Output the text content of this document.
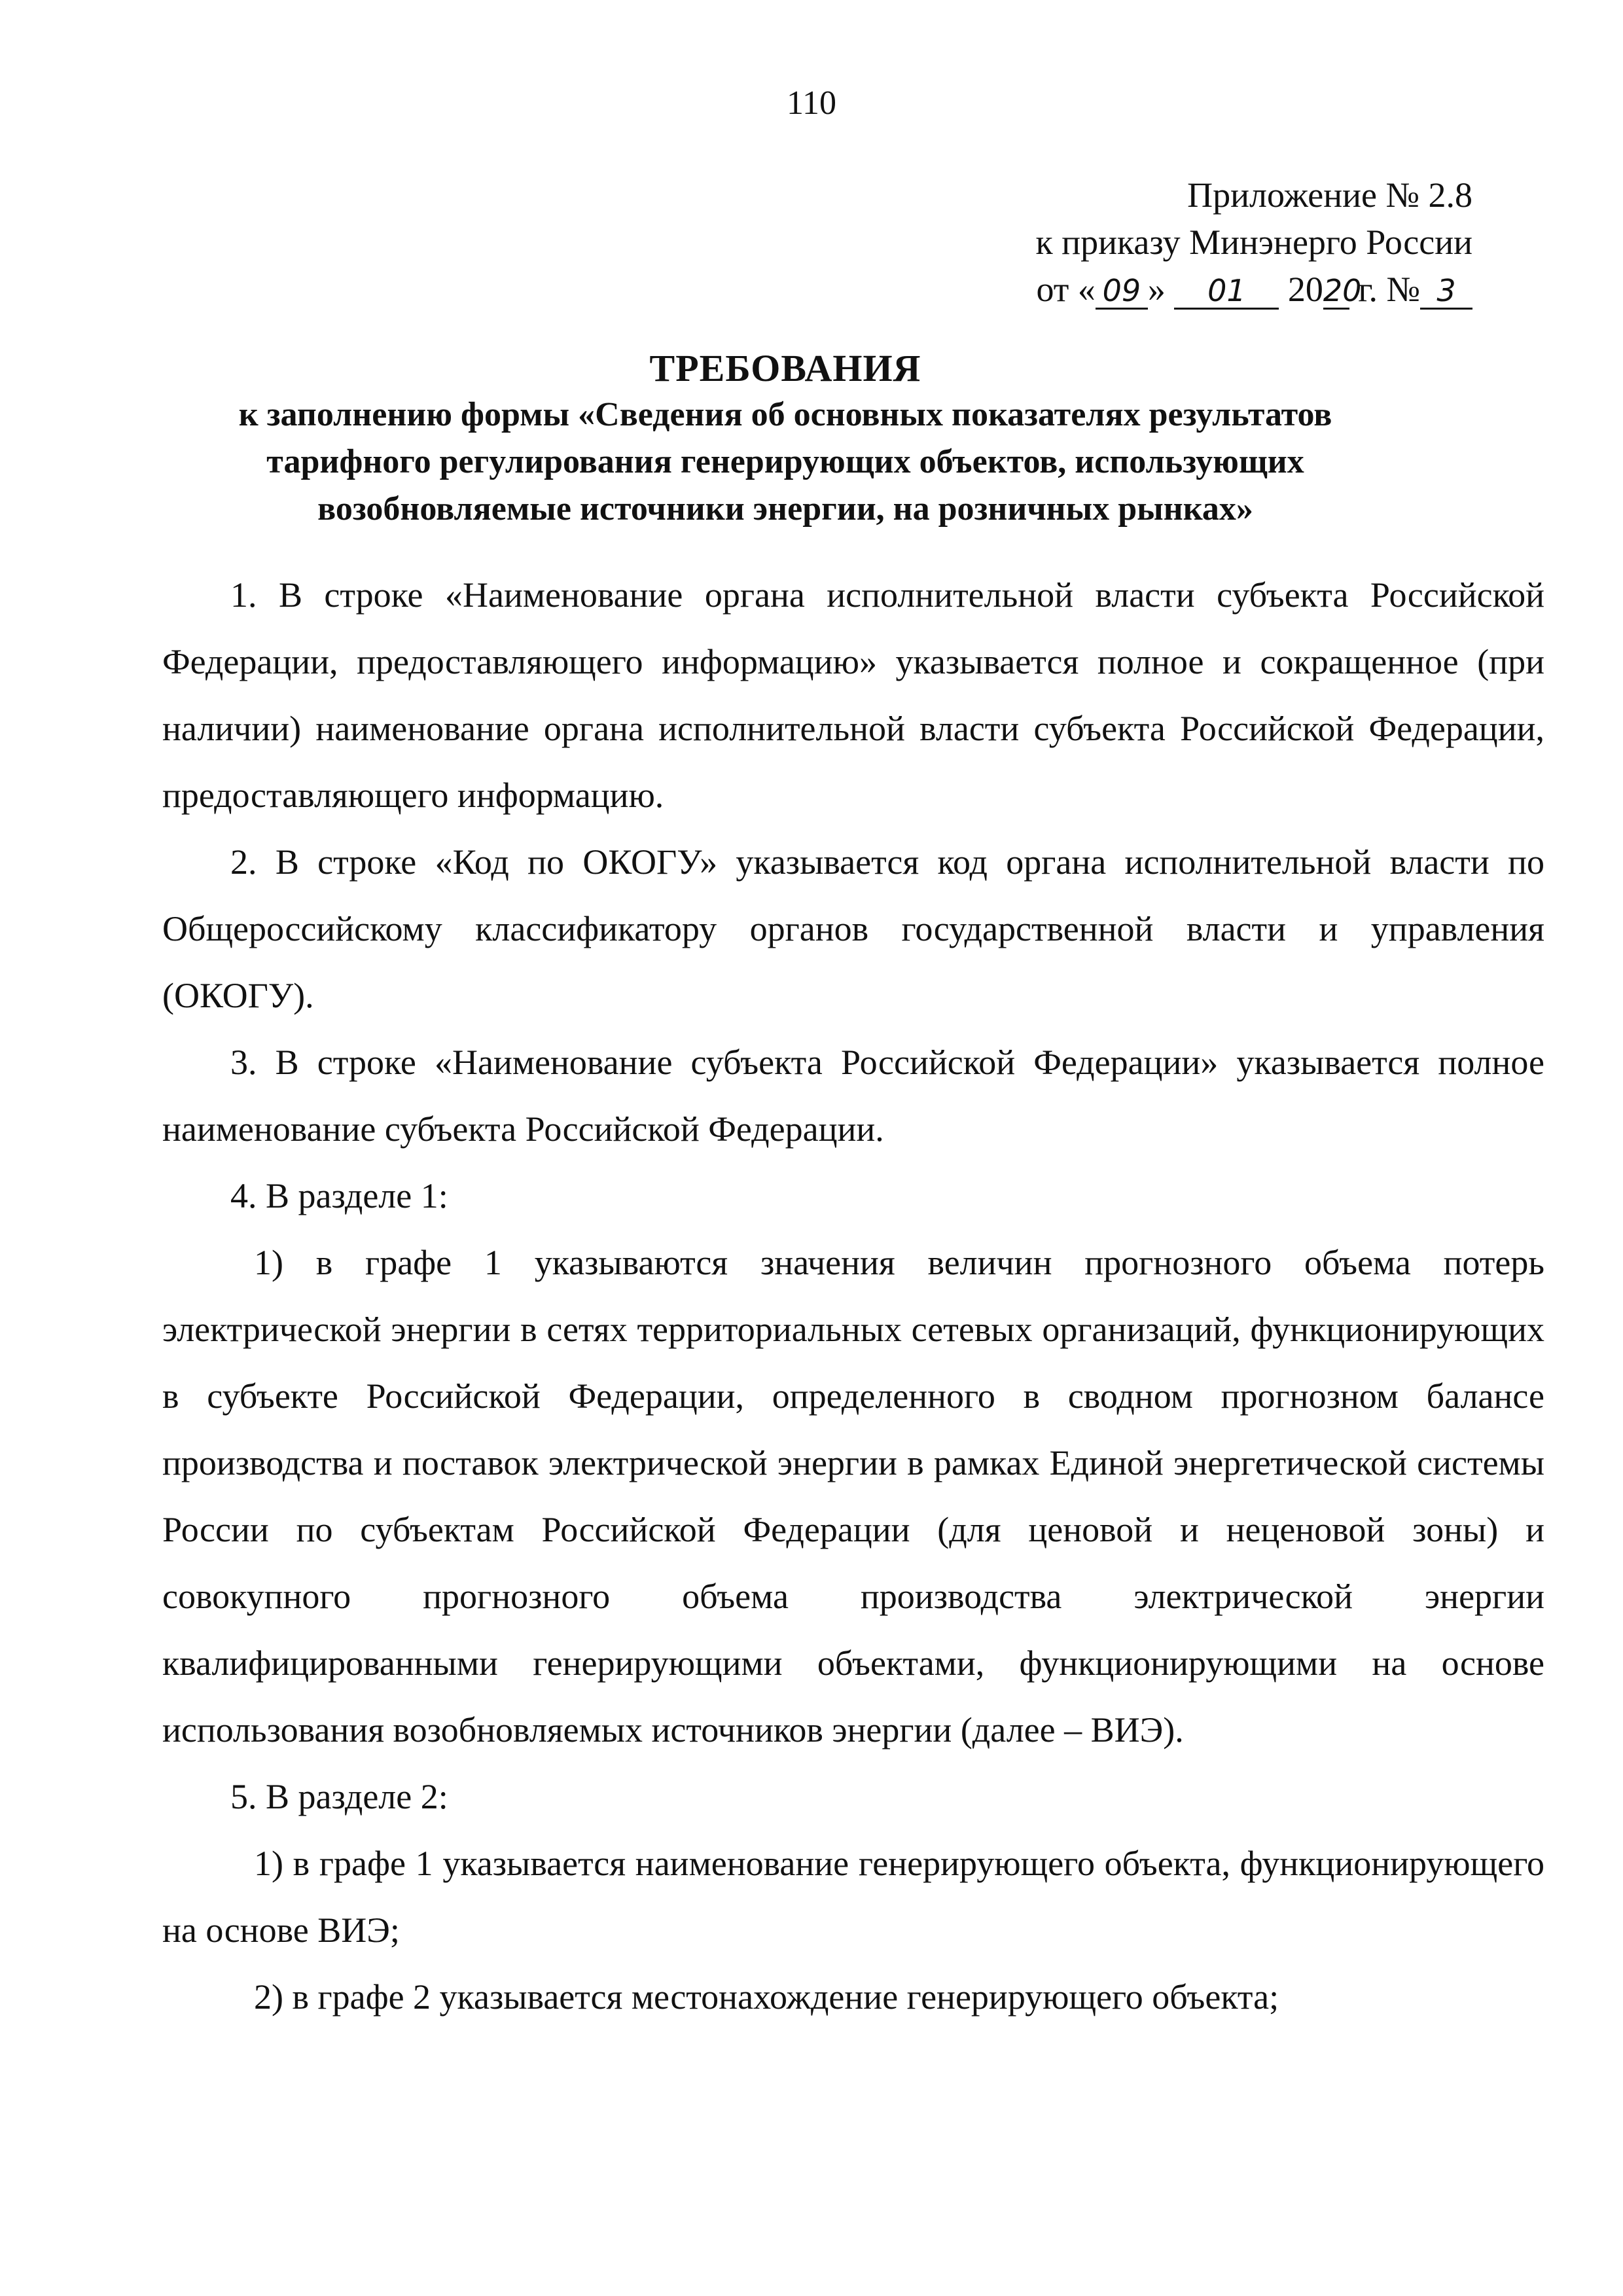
110
Приложение № 2.8
к приказу Минэнерго России
от « 09 » 01 2020 г. № 3
ТРЕБОВАНИЯ
к заполнению формы «Сведения об основных показателях результатов
тарифного регулирования генерирующих объектов, использующих
возобновляемые источники энергии, на розничных рынках»

1. В строке «Наименование органа исполнительной власти субъекта Российской Федерации, предоставляющего информацию» указывается полное и сокращенное (при наличии) наименование органа исполнительной власти субъекта Российской Федерации, предоставляющего информацию.

2. В строке «Код по ОКОГУ» указывается код органа исполнительной власти по Общероссийскому классификатору органов государственной власти и управления (ОКОГУ).

3. В строке «Наименование субъекта Российской Федерации» указывается полное наименование субъекта Российской Федерации.

4. В разделе 1:

1) в графе 1 указываются значения величин прогнозного объема потерь электрической энергии в сетях территориальных сетевых организаций, функционирующих в субъекте Российской Федерации, определенного в сводном прогнозном балансе производства и поставок электрической энергии в рамках Единой энергетической системы России по субъектам Российской Федерации (для ценовой и неценовой зоны) и совокупного прогнозного объема производства электрической энергии квалифицированными генерирующими объектами, функционирующими на основе использования возобновляемых источников энергии (далее – ВИЭ).

5. В разделе 2:

1) в графе 1 указывается наименование генерирующего объекта, функционирующего на основе ВИЭ;

2) в графе 2 указывается местонахождение генерирующего объекта;
